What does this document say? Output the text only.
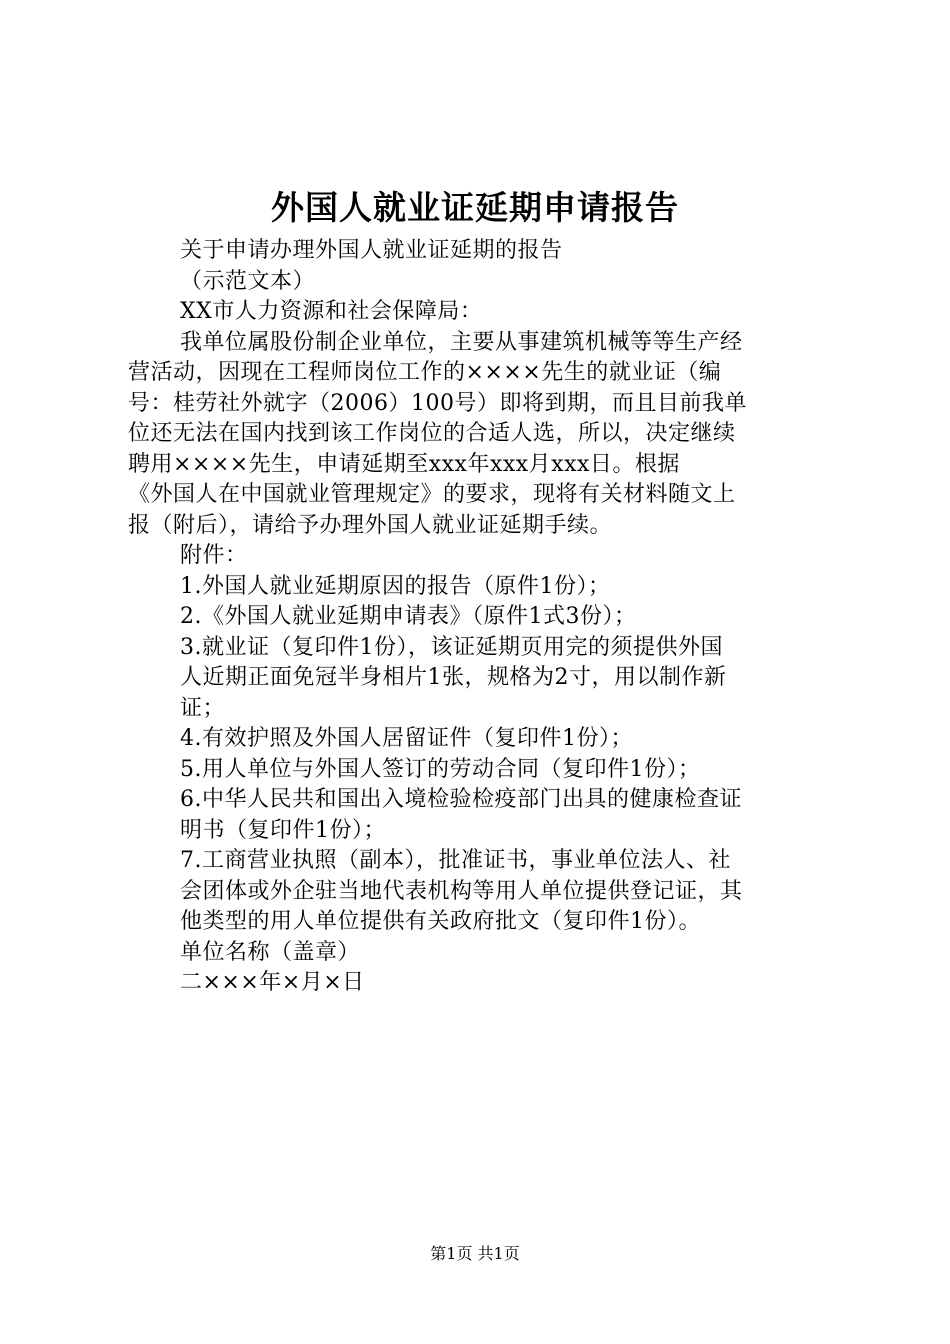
外国人就业证延期申请报告
关于申请办理外国人就业证延期的报告
（示范文本）
XX市人力资源和社会保障局：
我单位属股份制企业单位，主要从事建筑机械等等生产经
营活动，因现在工程师岗位工作的××××先生的就业证（编
号：桂劳社外就字（2006）100号）即将到期，而且目前我单
位还无法在国内找到该工作岗位的合适人选，所以，决定继续
聘用××××先生，申请延期至xxx年xxx月xxx日。根据
《外国人在中国就业管理规定》的要求，现将有关材料随文上
报（附后），请给予办理外国人就业证延期手续。
附件：
1.外国人就业延期原因的报告（原件1份）；
2.《外国人就业延期申请表》（原件1式3份）；
3.就业证（复印件1份），该证延期页用完的须提供外国
人近期正面免冠半身相片1张，规格为2寸，用以制作新
证；
4.有效护照及外国人居留证件（复印件1份）；
5.用人单位与外国人签订的劳动合同（复印件1份）；
6.中华人民共和国出入境检验检疫部门出具的健康检查证
明书（复印件1份）；
7.工商营业执照（副本），批准证书，事业单位法人、社
会团体或外企驻当地代表机构等用人单位提供登记证，其
他类型的用人单位提供有关政府批文（复印件1份）。
单位名称（盖章）
二×××年×月×日
第1页 共1页
